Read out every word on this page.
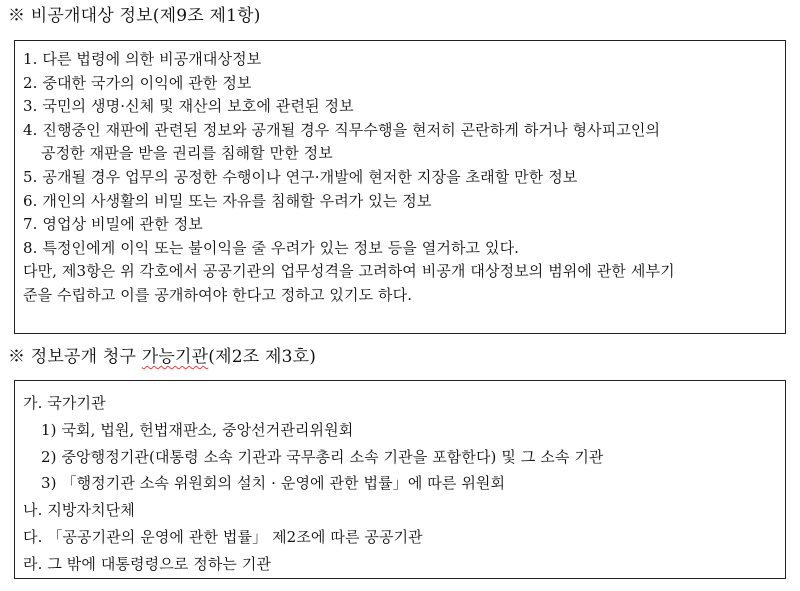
※ 비공개대상 정보(제9조 제1항)
1. 다른 법령에 의한 비공개대상정보
2. 중대한 국가의 이익에 관한 정보
3. 국민의 생명·신체 및 재산의 보호에 관련된 정보
4. 진행중인 재판에 관련된 정보와 공개될 경우 직무수행을 현저히 곤란하게 하거나 형사피고인의
공정한 재판을 받을 권리를 침해할 만한 정보
5. 공개될 경우 업무의 공정한 수행이나 연구·개발에 현저한 지장을 초래할 만한 정보
6. 개인의 사생활의 비밀 또는 자유를 침해할 우려가 있는 정보
7. 영업상 비밀에 관한 정보
8. 특정인에게 이익 또는 불이익을 줄 우려가 있는 정보 등을 열거하고 있다.
다만, 제3항은 위 각호에서 공공기관의 업무성격을 고려하여 비공개 대상정보의 범위에 관한 세부기
준을 수립하고 이를 공개하여야 한다고 정하고 있기도 하다.
※ 정보공개 청구 가능기관(제2조 제3호)
가. 국가기관
1) 국회, 법원, 헌법재판소, 중앙선거관리위원회
2) 중앙행정기관(대통령 소속 기관과 국무총리 소속 기관을 포함한다) 및 그 소속 기관
3) 「행정기관 소속 위원회의 설치 · 운영에 관한 법률」에 따른 위원회
나. 지방자치단체
다. 「공공기관의 운영에 관한 법률」 제2조에 따른 공공기관
라. 그 밖에 대통령령으로 정하는 기관
